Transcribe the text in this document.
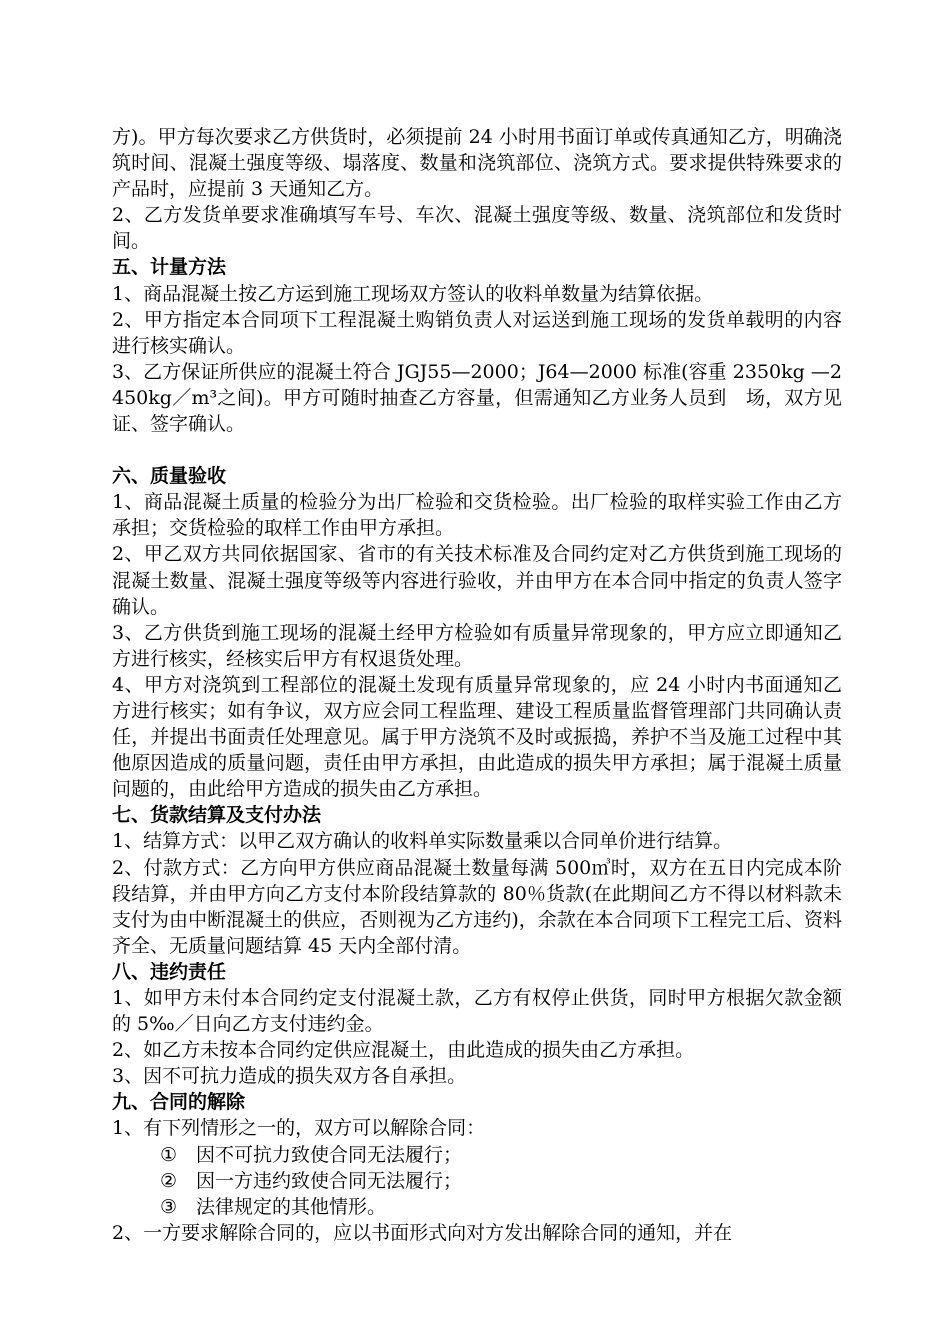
方)。甲方每次要求乙方供货时，必须提前 24 小时用书面订单或传真通知乙方，明确浇筑时间、混凝土强度等级、塌落度、数量和浇筑部位、浇筑方式。要求提供特殊要求的产品时，应提前 3 天通知乙方。

2、乙方发货单要求准确填写车号、车次、混凝土强度等级、数量、浇筑部位和发货时间。

五、计量方法

1、商品混凝土按乙方运到施工现场双方签认的收料单数量为结算依据。

2、甲方指定本合同项下工程混凝土购销负责人对运送到施工现场的发货单载明的内容进行核实确认。

3、乙方保证所供应的混凝土符合 JGJ55—2000；J64—2000 标准(容重 2350kg —2450kg／m³之间)。甲方可随时抽查乙方容量，但需通知乙方业务人员到　场，双方见证、签字确认。

六、质量验收

1、商品混凝土质量的检验分为出厂检验和交货检验。出厂检验的取样实验工作由乙方承担；交货检验的取样工作由甲方承担。

2、甲乙双方共同依据国家、省市的有关技术标准及合同约定对乙方供货到施工现场的混凝土数量、混凝土强度等级等内容进行验收，并由甲方在本合同中指定的负责人签字确认。

3、乙方供货到施工现场的混凝土经甲方检验如有质量异常现象的，甲方应立即通知乙方进行核实，经核实后甲方有权退货处理。

4、甲方对浇筑到工程部位的混凝土发现有质量异常现象的，应 24 小时内书面通知乙方进行核实；如有争议，双方应会同工程监理、建设工程质量监督管理部门共同确认责任，并提出书面责任处理意见。属于甲方浇筑不及时或振捣，养护不当及施工过程中其他原因造成的质量问题，责任由甲方承担，由此造成的损失甲方承担；属于混凝土质量问题的，由此给甲方造成的损失由乙方承担。

七、货款结算及支付办法

1、结算方式：以甲乙双方确认的收料单实际数量乘以合同单价进行结算。

2、付款方式：乙方向甲方供应商品混凝土数量每满 500㎥时，双方在五日内完成本阶段结算，并由甲方向乙方支付本阶段结算款的 80％货款(在此期间乙方不得以材料款未支付为由中断混凝土的供应，否则视为乙方违约)，余款在本合同项下工程完工后、资料齐全、无质量问题结算 45 天内全部付清。

八、违约责任

1、如甲方未付本合同约定支付混凝土款，乙方有权停止供货，同时甲方根据欠款金额的 5‰／日向乙方支付违约金。

2、如乙方未按本合同约定供应混凝土，由此造成的损失由乙方承担。

3、因不可抗力造成的损失双方各自承担。

九、合同的解除

1、有下列情形之一的，双方可以解除合同：

① 因不可抗力致使合同无法履行；

② 因一方违约致使合同无法履行；

③ 法律规定的其他情形。

2、一方要求解除合同的，应以书面形式向对方发出解除合同的通知，并在
